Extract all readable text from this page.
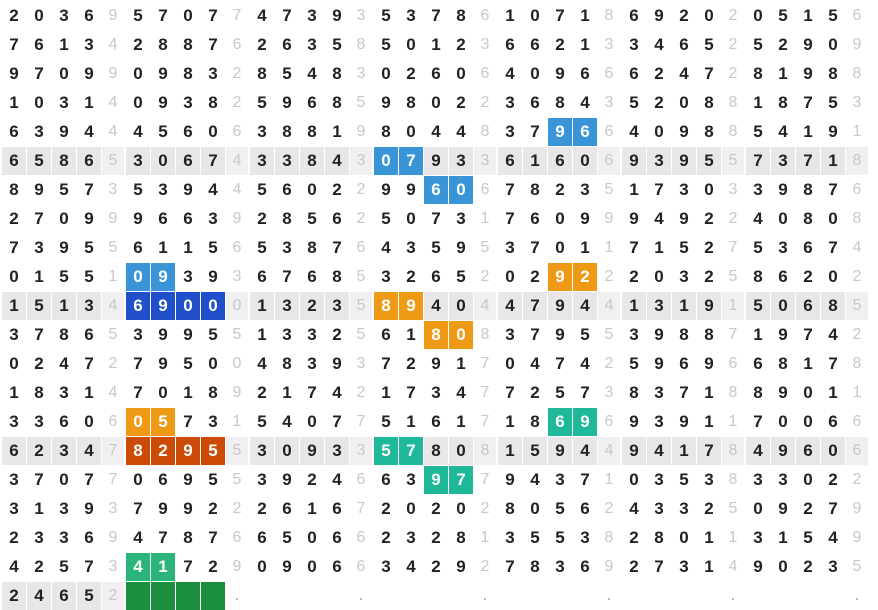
2 0 3 6 9 5 7 0 7 7 4 7 3 9 3 5 3 7 8 6 1 0 7 1 8 6 9 2 0 2 0 5 1 5 6
7 6 1 3 4 2 8 8 7 6 2 6 3 5 8 5 0 1 2 3 6 6 2 1 3 3 4 6 5 2 5 2 9 0 9
9 7 0 9 9 0 9 8 3 2 8 5 4 8 3 0 2 6 0 6 4 0 9 6 6 6 2 4 7 2 8 1 9 8 8
1 0 3 1 4 0 9 3 8 2 5 9 6 8 5 9 8 0 2 2 3 6 8 4 3 5 2 0 8 8 1 8 7 5 3
6 3 9 4 4 4 5 6 0 6 3 8 8 1 9 8 0 4 4 8 3 7 9 6 6 4 0 9 8 8 5 4 1 9 1
6 5 8 6 5 3 0 6 7 4 3 3 8 4 3 0 7 9 3 3 6 1 6 0 6 9 3 9 5 5 7 3 7 1 8
8 9 5 7 3 5 3 9 4 4 5 6 0 2 2 9 9 6 0 6 7 8 2 3 5 1 7 3 0 3 3 9 8 7 6
2 7 0 9 9 9 6 6 3 9 2 8 5 6 2 5 0 7 3 1 7 6 0 9 9 9 4 9 2 2 4 0 8 0 8
7 3 9 5 5 6 1 1 5 6 5 3 8 7 6 4 3 5 9 5 3 7 0 1 1 7 1 5 2 7 5 3 6 7 4
0 1 5 5 1 0 9 3 9 3 6 7 6 8 5 3 2 6 5 2 0 2 9 2 2 2 0 3 2 5 8 6 2 0 2
1 5 1 3 4 6 9 0 0 0 1 3 2 3 5 8 9 4 0 4 4 7 9 4 4 1 3 1 9 1 5 0 6 8 5
3 7 8 6 5 3 9 9 5 5 1 3 3 2 5 6 1 8 0 8 3 7 9 5 5 3 9 8 8 7 1 9 7 4 2
0 2 4 7 2 7 9 5 0 0 4 8 3 9 3 7 2 9 1 7 0 4 7 4 2 5 9 6 9 6 6 8 1 7 8
1 8 3 1 4 7 0 1 8 9 2 1 7 4 2 1 7 3 4 7 7 2 5 7 3 8 3 7 1 8 8 9 0 1 1
3 3 6 0 6 0 5 7 3 1 5 4 0 7 7 5 1 6 1 7 1 8 6 9 6 9 3 9 1 1 7 0 0 6 6
6 2 3 4 7 8 2 9 5 5 3 0 9 3 3 5 7 8 0 8 1 5 9 4 4 9 4 1 7 8 4 9 6 0 6
3 7 0 7 7 0 6 9 5 5 3 9 2 4 6 6 3 9 7 7 9 4 3 7 1 0 3 5 3 8 3 3 0 2 2
3 1 3 9 3 7 9 9 2 2 2 6 1 6 7 2 0 2 0 2 8 0 5 6 2 4 3 3 2 5 0 9 2 7 9
2 3 3 6 9 4 7 8 7 6 6 5 0 6 6 2 3 2 8 1 3 5 5 3 8 2 8 0 1 1 3 1 5 4 9
4 2 5 7 3 4 1 7 2 9 0 9 0 6 6 3 4 2 9 2 7 8 3 6 9 2 7 3 1 4 9 0 2 3 5
2 4 6 5 2	.	.	.	.	.	.
